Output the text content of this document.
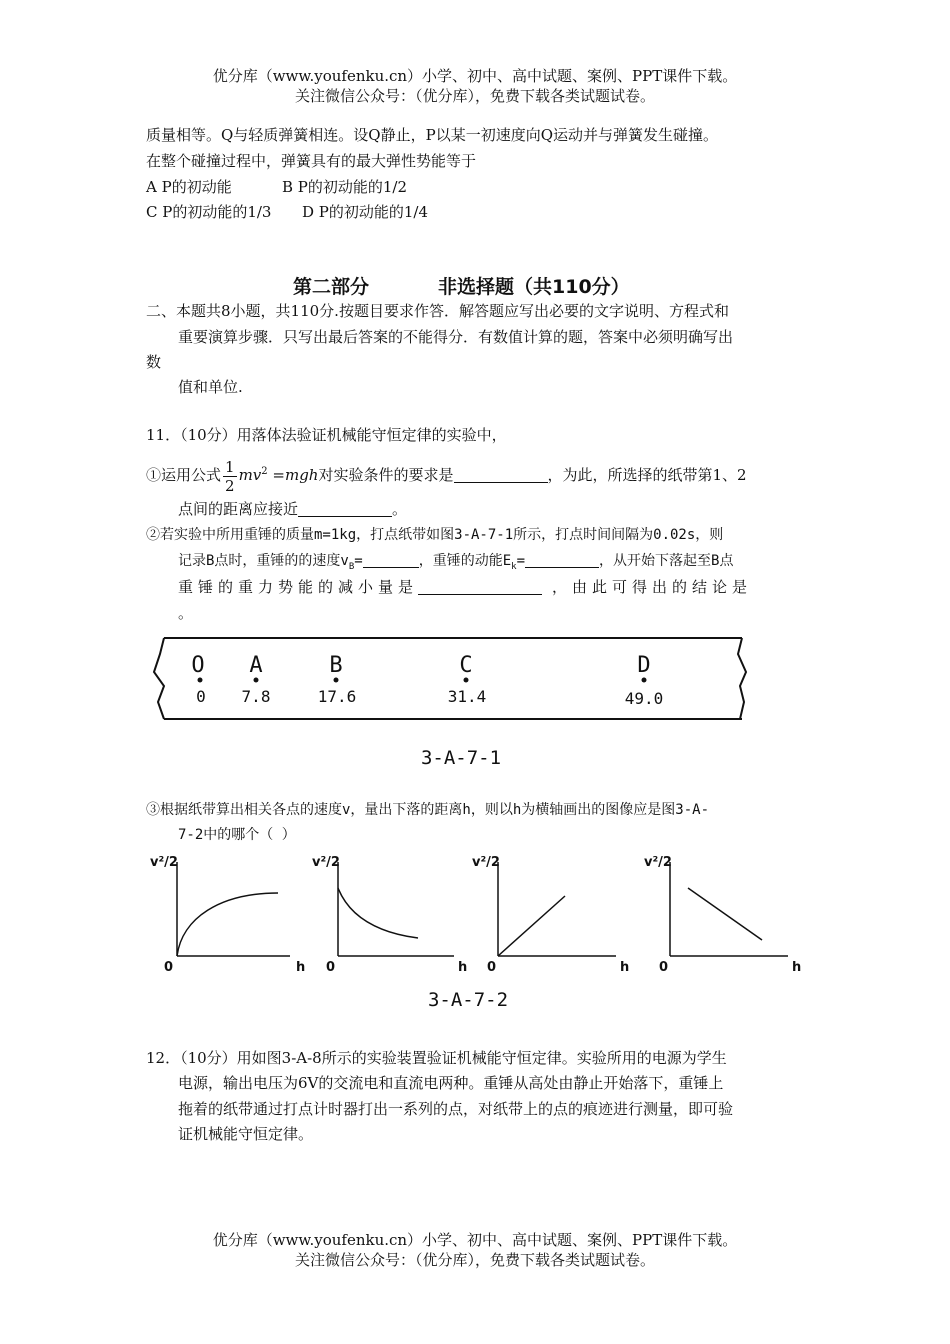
优分库（www.youfenku.cn）小学、初中、高中试题、案例、PPT课件下载。
关注微信公众号：（优分库），免费下载各类试题试卷。
质量相等。Q与轻质弹簧相连。设Q静止，P以某一初速度向Q运动并与弹簧发生碰撞。
在整个碰撞过程中，弹簧具有的最大弹性势能等于
A P的初动能	B P的初动能的1/2
C P的初动能的1/3 D P的初动能的1/4
第二部分	非选择题（共110分）
二、本题共8小题，共110分.按题目要求作答．解答题应写出必要的文字说明、方程式和
重要演算步骤．只写出最后答案的不能得分．有数值计算的题，答案中必须明确写出
数
值和单位.
11．（10分）用落体法验证机械能守恒定律的实验中，
①运用公式 $\frac{1}{2} mv^2 =mgh$对实验条件的要求是	，为此，所选择的纸带第1、2
点间的距离应接近	。
②若实验中所用重锤的质量m=1kg，打点纸带如图3-A-7-1所示，打点时间间隔为0.02s，则
记录B点时，重锤的的速度$v_B=$	，重锤的动能$E_k=$	，从开始下落起至B点
重锤的重力势能的减小量是	，由此可得出的结论是
。
O
0
A
7.8
B
17.6
C
31.4
D
49.0
3-A-7-1
③根据纸带算出相关各点的速度v，量出下落的距离h，则以h为横轴画出的图像应是图3-A-
7-2中的哪个（ ）
v²/2
0	h
v²/2
0	h
v²/2
0	h
v²/2
0	h
3-A-7-2
12．（10分）用如图3-A-8所示的实验装置验证机械能守恒定律。实验所用的电源为学生
电源，输出电压为6V的交流电和直流电两种。重锤从高处由静止开始落下，重锤上
拖着的纸带通过打点计时器打出一系列的点，对纸带上的点的痕迹进行测量，即可验
证机械能守恒定律。
优分库（www.youfenku.cn）小学、初中、高中试题、案例、PPT课件下载。
关注微信公众号：（优分库），免费下载各类试题试卷。
